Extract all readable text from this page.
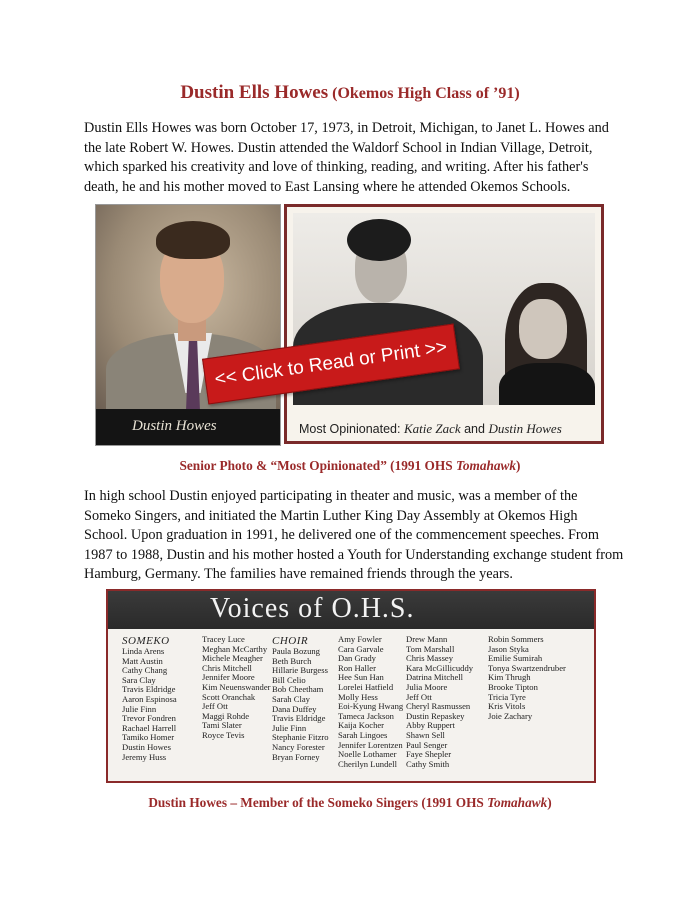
Dustin Ells Howes (Okemos High Class of ’91)

Dustin Ells Howes was born October 17, 1973, in Detroit, Michigan, to Janet L. Howes and the late Robert W. Howes. Dustin attended the Waldorf School in Indian Village, Detroit, which sparked his creativity and love of thinking, reading, and writing. After his father's death, he and his mother moved to East Lansing where he attended Okemos Schools.

Dustin Howes	Most Opinionated: Katie Zack and Dustin Howes
<< Click to Read or Print >>
Senior Photo & “Most Opinionated” (1991 OHS Tomahawk)

In high school Dustin enjoyed participating in theater and music, was a member of the Someko Singers, and initiated the Martin Luther King Day Assembly at Okemos High School. Upon graduation in 1991, he delivered one of the commencement speeches. From 1987 to 1988, Dustin and his mother hosted a Youth for Understanding exchange student from Hamburg, Germany. The families have remained friends through the years.

Voices of O.H.S.
SOMEKO
Linda Arens
Matt Austin
Cathy Chang
Sara Clay
Travis Eldridge
Aaron Espinosa
Julie Finn
Trevor Fondren
Rachael Harrell
Tamiko Homer
Dustin Howes
Jeremy Huss
Tracey Luce
Meghan McCarthy
Michele Meagher
Chris Mitchell
Jennifer Moore
Kim Neuenswander
Scott Oranchak
Jeff Ott
Maggi Rohde
Tami Slater
Royce Tevis
CHOIR
Paula Bozung
Beth Burch
Hillarie Burgess
Bill Celio
Bob Cheetham
Sarah Clay
Dana Duffey
Travis Eldridge
Julie Finn
Stephanie Fitzro
Nancy Forester
Bryan Forney
Amy Fowler
Cara Garvale
Dan Grady
Ron Haller
Hee Sun Han
Lorelei Hatfield
Molly Hess
Eoi-Kyung Hwang
Tameca Jackson
Kaija Kocher
Sarah Lingoes
Jennifer Lorentzen
Noelle Lothamer
Cherilyn Lundell
Drew Mann
Tom Marshall
Chris Massey
Kara McGillicuddy
Datrina Mitchell
Julia Moore
Jeff Ott
Cheryl Rasmussen
Dustin Repaskey
Abby Ruppert
Shawn Sell
Paul Senger
Faye Shepler
Cathy Smith
Robin Sommers
Jason Styka
Emilie Sumirah
Tonya Swartzendruber
Kim Thrugh
Brooke Tipton
Tricia Tyre
Kris Vitols
Joie Zachary
Dustin Howes – Member of the Someko Singers (1991 OHS Tomahawk)
